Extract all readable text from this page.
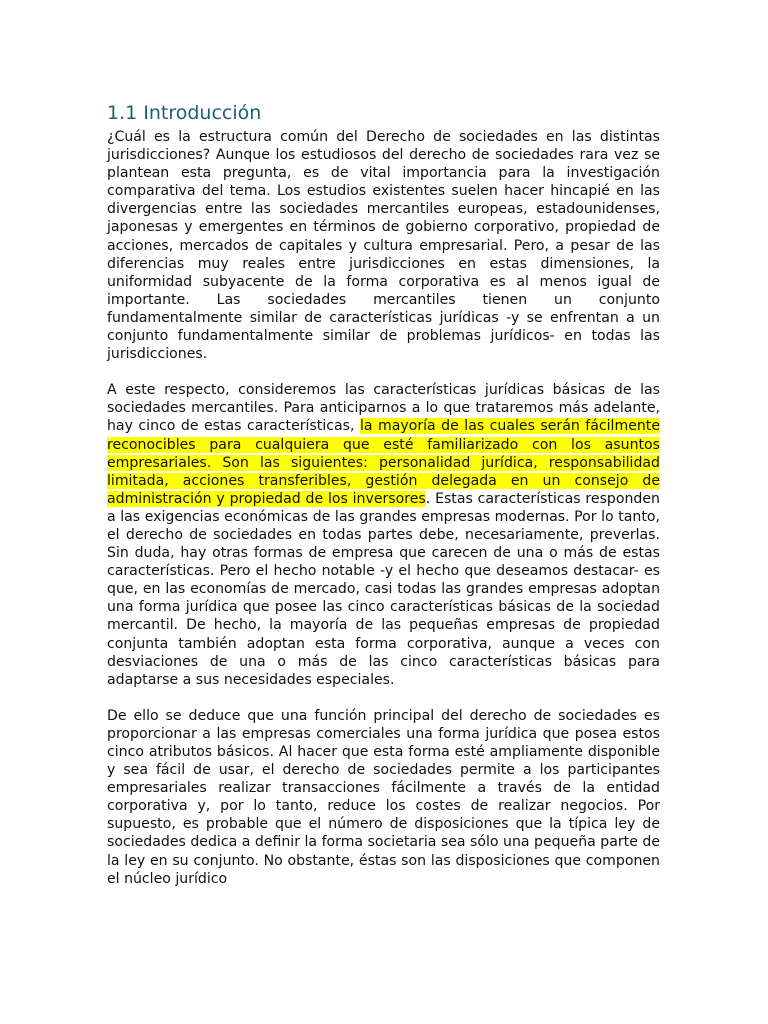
1.1 Introducción

¿Cuál es la estructura común del Derecho de sociedades en las distintas jurisdicciones? Aunque los estudiosos del derecho de sociedades rara vez se plantean esta pregunta, es de vital importancia para la investigación comparativa del tema. Los estudios existentes suelen hacer hincapié en las divergencias entre las sociedades mercantiles europeas, estadounidenses, japonesas y emergentes en términos de gobierno corporativo, propiedad de acciones, mercados de capitales y cultura empresarial. Pero, a pesar de las diferencias muy reales entre jurisdicciones en estas dimensiones, la uniformidad subyacente de la forma corporativa es al menos igual de importante. Las sociedades mercantiles tienen un conjunto fundamentalmente similar de características jurídicas -y se enfrentan a un conjunto fundamentalmente similar de problemas jurídicos- en todas las jurisdicciones.

A este respecto, consideremos las características jurídicas básicas de las sociedades mercantiles. Para anticiparnos a lo que trataremos más adelante, hay cinco de estas características, la mayoría de las cuales serán fácilmente reconocibles para cualquiera que esté familiarizado con los asuntos empresariales. Son las siguientes: personalidad jurídica, responsabilidad limitada, acciones transferibles, gestión delegada en un consejo de administración y propiedad de los inversores. Estas características responden a las exigencias económicas de las grandes empresas modernas. Por lo tanto, el derecho de sociedades en todas partes debe, necesariamente, preverlas. Sin duda, hay otras formas de empresa que carecen de una o más de estas características. Pero el hecho notable -y el hecho que deseamos destacar- es que, en las economías de mercado, casi todas las grandes empresas adoptan una forma jurídica que posee las cinco características básicas de la sociedad mercantil. De hecho, la mayoría de las pequeñas empresas de propiedad conjunta también adoptan esta forma corporativa, aunque a veces con desviaciones de una o más de las cinco características básicas para adaptarse a sus necesidades especiales.

De ello se deduce que una función principal del derecho de sociedades es proporcionar a las empresas comerciales una forma jurídica que posea estos cinco atributos básicos. Al hacer que esta forma esté ampliamente disponible y sea fácil de usar, el derecho de sociedades permite a los participantes empresariales realizar transacciones fácilmente a través de la entidad corporativa y, por lo tanto, reduce los costes de realizar negocios. Por supuesto, es probable que el número de disposiciones que la típica ley de sociedades dedica a definir la forma societaria sea sólo una pequeña parte de la ley en su conjunto. No obstante, éstas son las disposiciones que componen el núcleo jurídico
